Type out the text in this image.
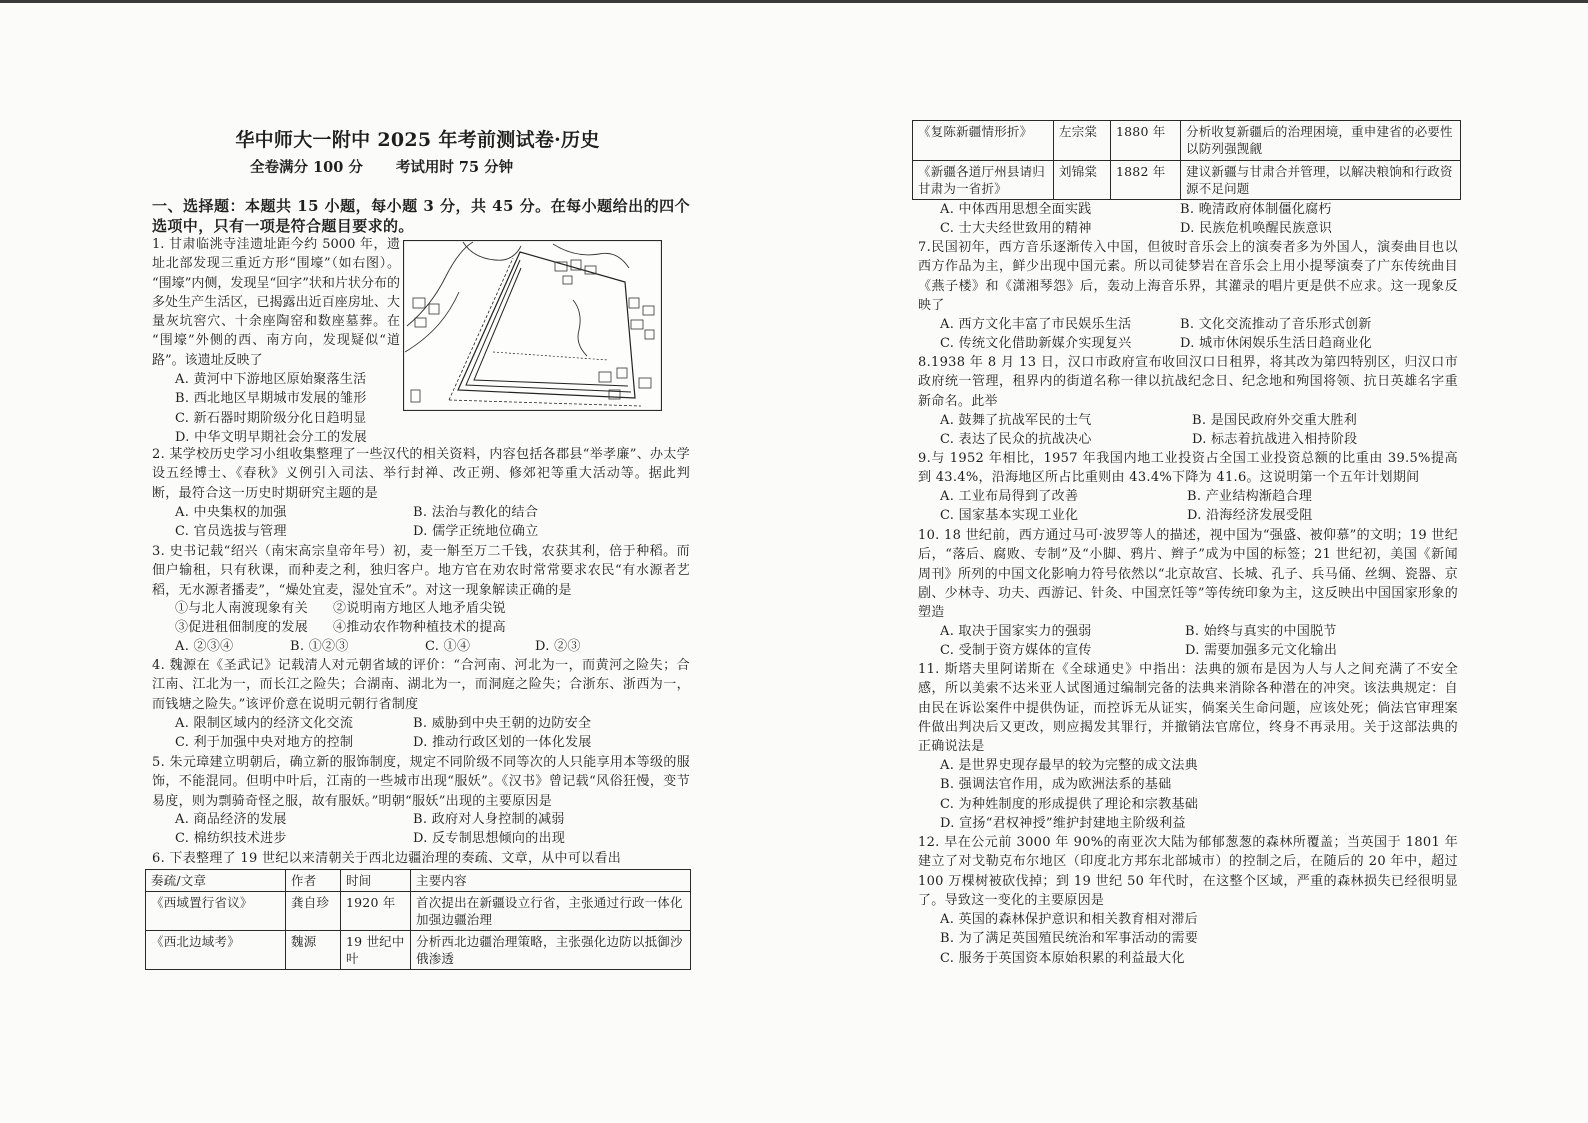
华中师大一附中 2025 年考前测试卷·历史
全卷满分 100 分 考试用时 75 分钟
一、选择题：本题共 15 小题，每小题 3 分，共 45 分。在每小题给出的四个选项中，只有一项是符合题目要求的。
1. 甘肃临洮寺洼遗址距今约 5000 年，遗址北部发现三重近方形“围壕”（如右图）。“围壕”内侧，发现呈“回字”状和片状分布的多处生产生活区，已揭露出近百座房址、大量灰坑窖穴、十余座陶窑和数座墓葬。在“围壕”外侧的西、南方向，发现疑似“道路”。该遗址反映了
A. 黄河中下游地区原始聚落生活
B. 西北地区早期城市发展的雏形
C. 新石器时期阶级分化日趋明显
D. 中华文明早期社会分工的发展
2. 某学校历史学习小组收集整理了一些汉代的相关资料，内容包括各郡县“举孝廉”、办太学设五经博士、《春秋》义例引入司法、举行封禅、改正朔、修郊祀等重大活动等。据此判断，最符合这一历史时期研究主题的是
A. 中央集权的加强	B. 法治与教化的结合
C. 官员选拔与管理	D. 儒学正统地位确立
3. 史书记载“绍兴（南宋高宗皇帝年号）初，麦一斛至万二千钱，农获其利，倍于种稻。而佃户输租，只有秋课，而种麦之利，独归客户。地方官在劝农时常常要求农民“有水源者艺稻，无水源者播麦”，“燥处宜麦，湿处宜禾”。对这一现象解读正确的是
①与北人南渡现象有关	②说明南方地区人地矛盾尖锐
③促进租佃制度的发展	④推动农作物种植技术的提高
A. ②③④	B. ①②③	C. ①④	D. ②③
4. 魏源在《圣武记》记载清人对元朝省域的评价：“合河南、河北为一，而黄河之险失；合江南、江北为一，而长江之险失；合湖南、湖北为一，而洞庭之险失；合浙东、浙西为一，而钱塘之险失。”该评价意在说明元朝行省制度
A. 限制区域内的经济文化交流	B. 威胁到中央王朝的边防安全
C. 利于加强中央对地方的控制	D. 推动行政区划的一体化发展
5. 朱元璋建立明朝后，确立新的服饰制度，规定不同阶级不同等次的人只能享用本等级的服饰，不能混同。但明中叶后，江南的一些城市出现“服妖”。《汉书》曾记载“风俗狂慢，变节易度，则为剽骑奇怪之服，故有服妖。”明朝“服妖”出现的主要原因是
A. 商品经济的发展	B. 政府对人身控制的减弱
C. 棉纺织技术进步	D. 反专制思想倾向的出现
6. 下表整理了 19 世纪以来清朝关于西北边疆治理的奏疏、文章，从中可以看出
奏疏/文章	作者	时间	主要内容
《西域置行省议》	龚自珍	1920 年	首次提出在新疆设立行省，主张通过行政一体化加强边疆治理
《西北边域考》	魏源	19 世纪中叶	分析西北边疆治理策略，主张强化边防以抵御沙俄渗透
《复陈新疆情形折》	左宗棠	1880 年	分析收复新疆后的治理困境，重申建省的必要性以防列强觊觎
《新疆各道厅州县请归甘肃为一省折》	刘锦棠	1882 年	建议新疆与甘肃合并管理，以解决粮饷和行政资源不足问题
A. 中体西用思想全面实践	B. 晚清政府体制僵化腐朽
C. 士大夫经世致用的精神	D. 民族危机唤醒民族意识
7.民国初年，西方音乐逐渐传入中国，但彼时音乐会上的演奏者多为外国人，演奏曲目也以西方作品为主，鲜少出现中国元素。所以司徒梦岩在音乐会上用小提琴演奏了广东传统曲目《燕子楼》和《潇湘琴怨》后，轰动上海音乐界，其灌录的唱片更是供不应求。这一现象反映了
A. 西方文化丰富了市民娱乐生活	B. 文化交流推动了音乐形式创新
C. 传统文化借助新媒介实现复兴	D. 城市休闲娱乐生活日趋商业化
8.1938 年 8 月 13 日，汉口市政府宣布收回汉口日租界，将其改为第四特别区，归汉口市政府统一管理，租界内的街道名称一律以抗战纪念日、纪念地和殉国将领、抗日英雄名字重新命名。此举
A. 鼓舞了抗战军民的士气	B. 是国民政府外交重大胜利
C. 表达了民众的抗战决心	D. 标志着抗战进入相持阶段
9.与 1952 年相比，1957 年我国内地工业投资占全国工业投资总额的比重由 39.5%提高到 43.4%，沿海地区所占比重则由 43.4%下降为 41.6。这说明第一个五年计划期间
A. 工业布局得到了改善	B. 产业结构渐趋合理
C. 国家基本实现工业化	D. 沿海经济发展受阻
10. 18 世纪前，西方通过马可·波罗等人的描述，视中国为“强盛、被仰慕”的文明；19 世纪后，“落后、腐败、专制”及“小脚、鸦片、辫子”成为中国的标签；21 世纪初，美国《新闻周刊》所列的中国文化影响力符号依然以“北京故宫、长城、孔子、兵马俑、丝绸、瓷器、京剧、少林寺、功夫、西游记、针灸、中国烹饪等”等传统印象为主，这反映出中国国家形象的塑造
A. 取决于国家实力的强弱	B. 始终与真实的中国脱节
C. 受制于资方媒体的宣传	D. 需要加强多元文化输出
11. 斯塔夫里阿诺斯在《全球通史》中指出：法典的颁布是因为人与人之间充满了不安全感，所以美索不达米亚人试图通过编制完备的法典来消除各种潜在的冲突。该法典规定：自由民在诉讼案件中提供伪证，而控诉无从证实，倘案关生命问题，应该处死；倘法官审理案件做出判决后又更改，则应揭发其罪行，并撤销法官席位，终身不再录用。关于这部法典的正确说法是
A. 是世界史现存最早的较为完整的成文法典
B. 强调法官作用，成为欧洲法系的基础
C. 为种姓制度的形成提供了理论和宗教基础
D. 宣扬“君权神授”维护封建地主阶级利益
12. 早在公元前 3000 年 90%的南亚次大陆为郁郁葱葱的森林所覆盖；当英国于 1801 年建立了对戈勒克布尔地区（印度北方邦东北部城市）的控制之后，在随后的 20 年中，超过 100 万棵树被砍伐掉；到 19 世纪 50 年代时，在这整个区域，严重的森林损失已经很明显了。导致这一变化的主要原因是
A. 英国的森林保护意识和相关教育相对滞后
B. 为了满足英国殖民统治和军事活动的需要
C. 服务于英国资本原始积累的利益最大化
